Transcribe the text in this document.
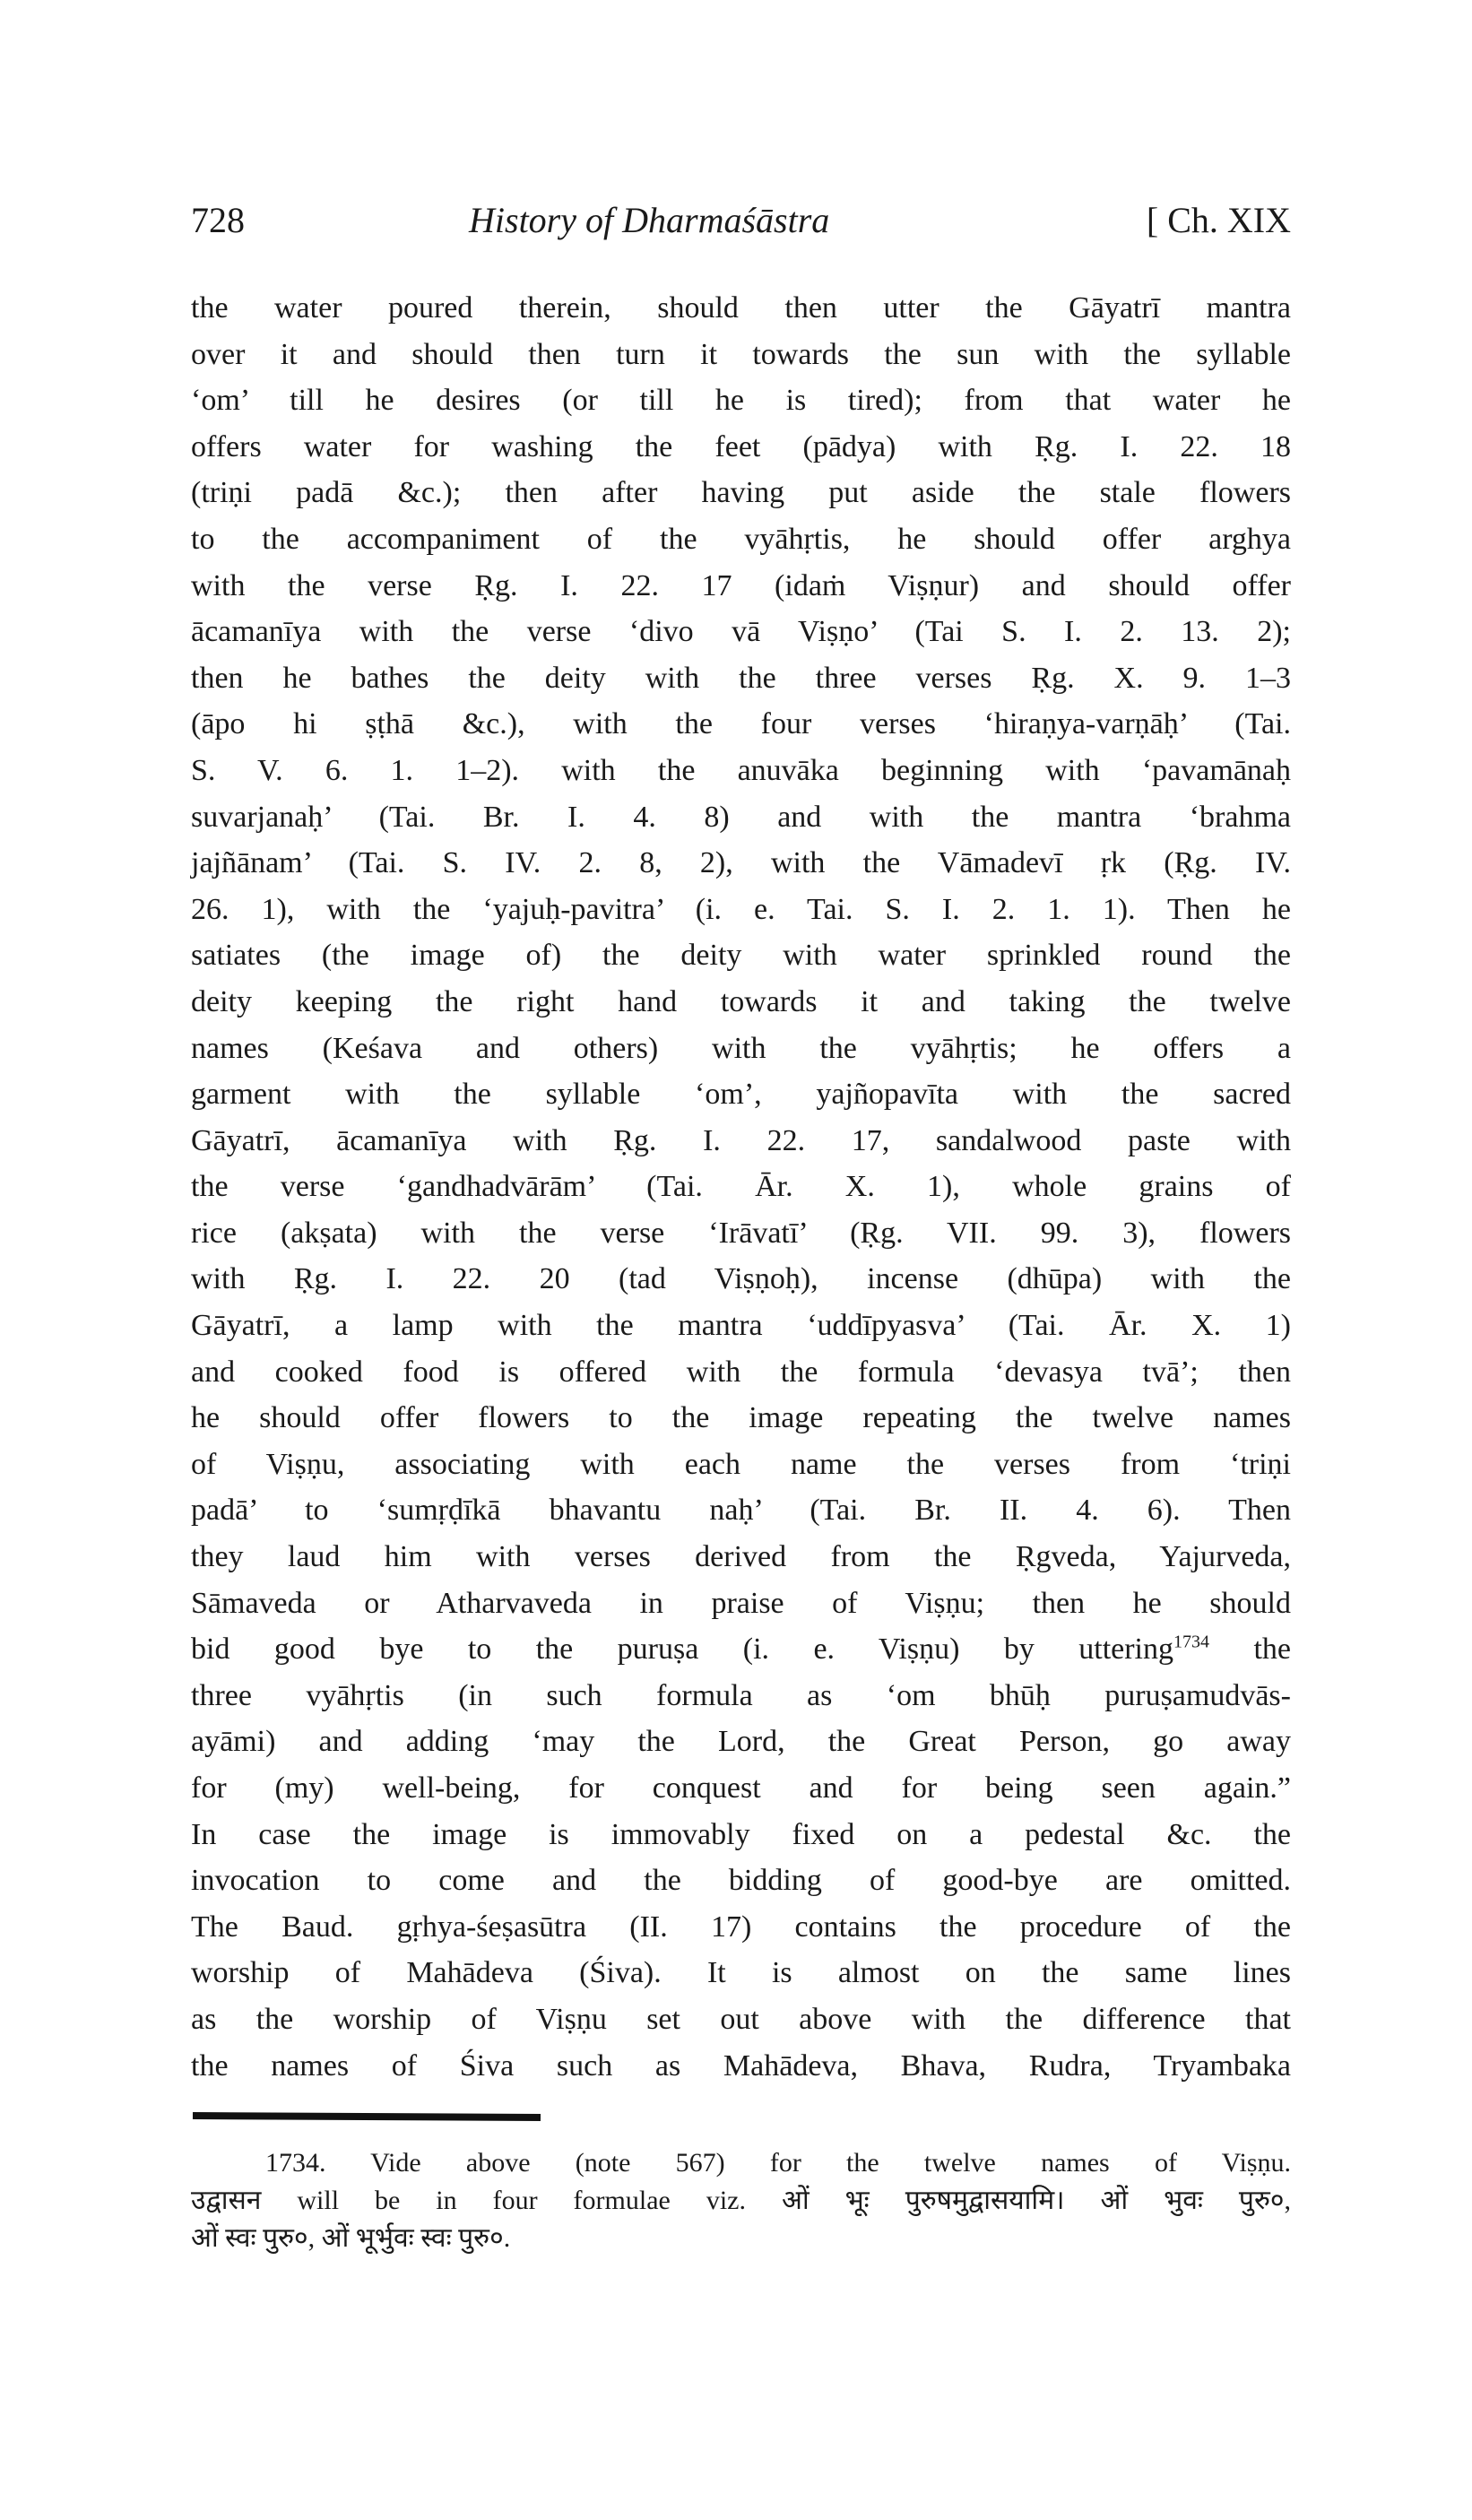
728	History of Dharmaśāstra	[ Ch. XIX
the water poured therein, should then utter the Gāyatrī mantra
over it and should then turn it towards the sun with the syllable
‘om’ till he desires (or till he is tired); from that water he
offers water for washing the feet (pādya) with Ṛg. I. 22. 18
(triṇi padā &c.); then after having put aside the stale flowers
to the accompaniment of the vyāhṛtis, he should offer arghya
with the verse Ṛg. I. 22. 17 (idaṁ Viṣṇur) and should offer
ācamanīya with the verse ‘divo vā Viṣṇo’ (Tai S. I. 2. 13. 2);
then he bathes the deity with the three verses Ṛg. X. 9. 1–3
(āpo hi ṣṭhā &c.), with the four verses ‘hiraṇya-varṇāḥ’ (Tai.
S. V. 6. 1. 1–2). with the anuvāka beginning with ‘pavamānaḥ
suvarjanaḥ’ (Tai. Br. I. 4. 8) and with the mantra ‘brahma
jajñānam’ (Tai. S. IV. 2. 8, 2), with the Vāmadevī ṛk (Ṛg. IV.
26. 1), with the ‘yajuḥ-pavitra’ (i. e. Tai. S. I. 2. 1. 1). Then he
satiates (the image of) the deity with water sprinkled round the
deity keeping the right hand towards it and taking the twelve
names (Keśava and others) with the vyāhṛtis; he offers a
garment with the syllable ‘om’, yajñopavīta with the sacred
Gāyatrī, ācamanīya with Ṛg. I. 22. 17, sandalwood paste with
the verse ‘gandhadvārām’ (Tai. Ār. X. 1), whole grains of
rice (akṣata) with the verse ‘Irāvatī’ (Ṛg. VII. 99. 3), flowers
with Ṛg. I. 22. 20 (tad Viṣṇoḥ), incense (dhūpa) with the
Gāyatrī, a lamp with the mantra ‘uddīpyasva’ (Tai. Ār. X. 1)
and cooked food is offered with the formula ‘devasya tvā’; then
he should offer flowers to the image repeating the twelve names
of Viṣṇu, associating with each name the verses from ‘triṇi
padā’ to ‘sumṛḍīkā bhavantu naḥ’ (Tai. Br. II. 4. 6). Then
they laud him with verses derived from the Ṛgveda, Yajurveda,
Sāmaveda or Atharvaveda in praise of Viṣṇu; then he should
bid good bye to the puruṣa (i. e. Viṣṇu) by uttering$^{1734}$ the
three vyāhṛtis (in such formula as ‘om bhūḥ puruṣamudvās-
ayāmi) and adding ‘may the Lord, the Great Person, go away
for (my) well-being, for conquest and for being seen again.”
In case the image is immovably fixed on a pedestal &c. the
invocation to come and the bidding of good-bye are omitted.
The Baud. gṛhya-śeṣasūtra (II. 17) contains the procedure of the
worship of Mahādeva (Śiva). It is almost on the same lines
as the worship of Viṣṇu set out above with the difference that
the names of Śiva such as Mahādeva, Bhava, Rudra, Tryambaka
1734. Vide above (note 567) for the twelve names of Viṣṇu.
उद्वासन will be in four formulae viz. ओं भूः पुरुषमुद्वासयामि। ओं भुवः पुरु०,
ओं स्वः पुरु०, ओं भूर्भुवः स्वः पुरु०.
